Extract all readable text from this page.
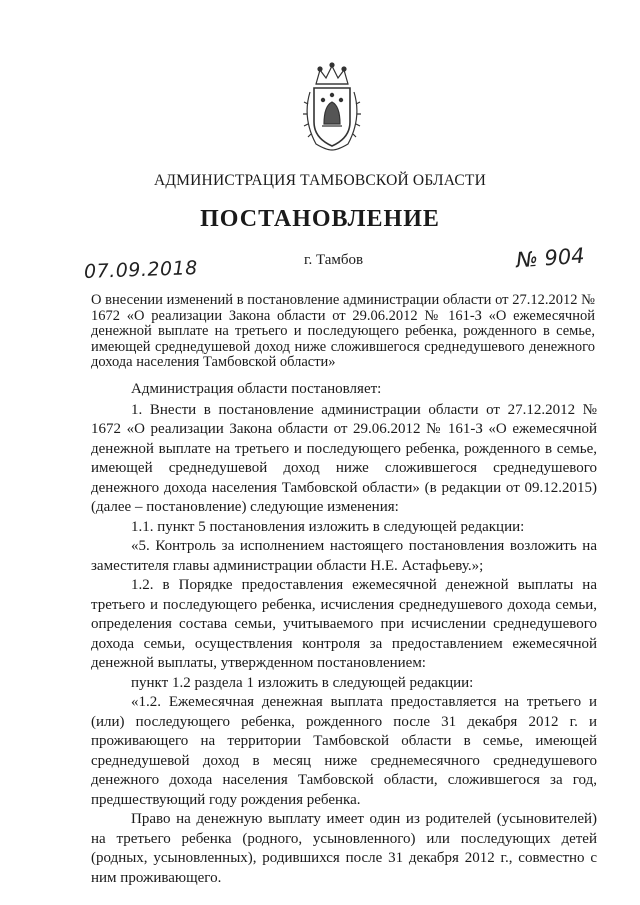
АДМИНИСТРАЦИЯ ТАМБОВСКОЙ ОБЛАСТИ
ПОСТАНОВЛЕНИЕ
07.09.2018	г. Тамбов	№ 904
О внесении изменений в постановление администрации области от 27.12.2012 № 1672 «О реализации Закона области от 29.06.2012 № 161-З «О ежемесячной денежной выплате на третьего и последующего ребенка, рожденного в семье, имеющей среднедушевой доход ниже сложившегося среднедушевого денежного дохода населения Тамбовской области»

Администрация области постановляет:

1. Внести в постановление администрации области от 27.12.2012 № 1672 «О реализации Закона области от 29.06.2012 № 161-З «О ежемесячной денежной выплате на третьего и последующего ребенка, рожденного в семье, имеющей среднедушевой доход ниже сложившегося среднедушевого денежного дохода населения Тамбовской области» (в редакции от 09.12.2015) (далее – постановление) следующие изменения:

1.1. пункт 5 постановления изложить в следующей редакции:

«5. Контроль за исполнением настоящего постановления возложить на заместителя главы администрации области Н.Е. Астафьеву.»;

1.2. в Порядке предоставления ежемесячной денежной выплаты на третьего и последующего ребенка, исчисления среднедушевого дохода семьи, определения состава семьи, учитываемого при исчислении среднедушевого дохода семьи, осуществления контроля за предоставлением ежемесячной денежной выплаты, утвержденном постановлением:

пункт 1.2 раздела 1 изложить в следующей редакции:

«1.2. Ежемесячная денежная выплата предоставляется на третьего и (или) последующего ребенка, рожденного после 31 декабря 2012 г. и проживающего на территории Тамбовской области в семье, имеющей среднедушевой доход в месяц ниже среднемесячного среднедушевого денежного дохода населения Тамбовской области, сложившегося за год, предшествующий году рождения ребенка.

Право на денежную выплату имеет один из родителей (усыновителей) на третьего ребенка (родного, усыновленного) или последующих детей (родных, усыновленных), родившихся после 31 декабря 2012 г., совместно с ним проживающего.
